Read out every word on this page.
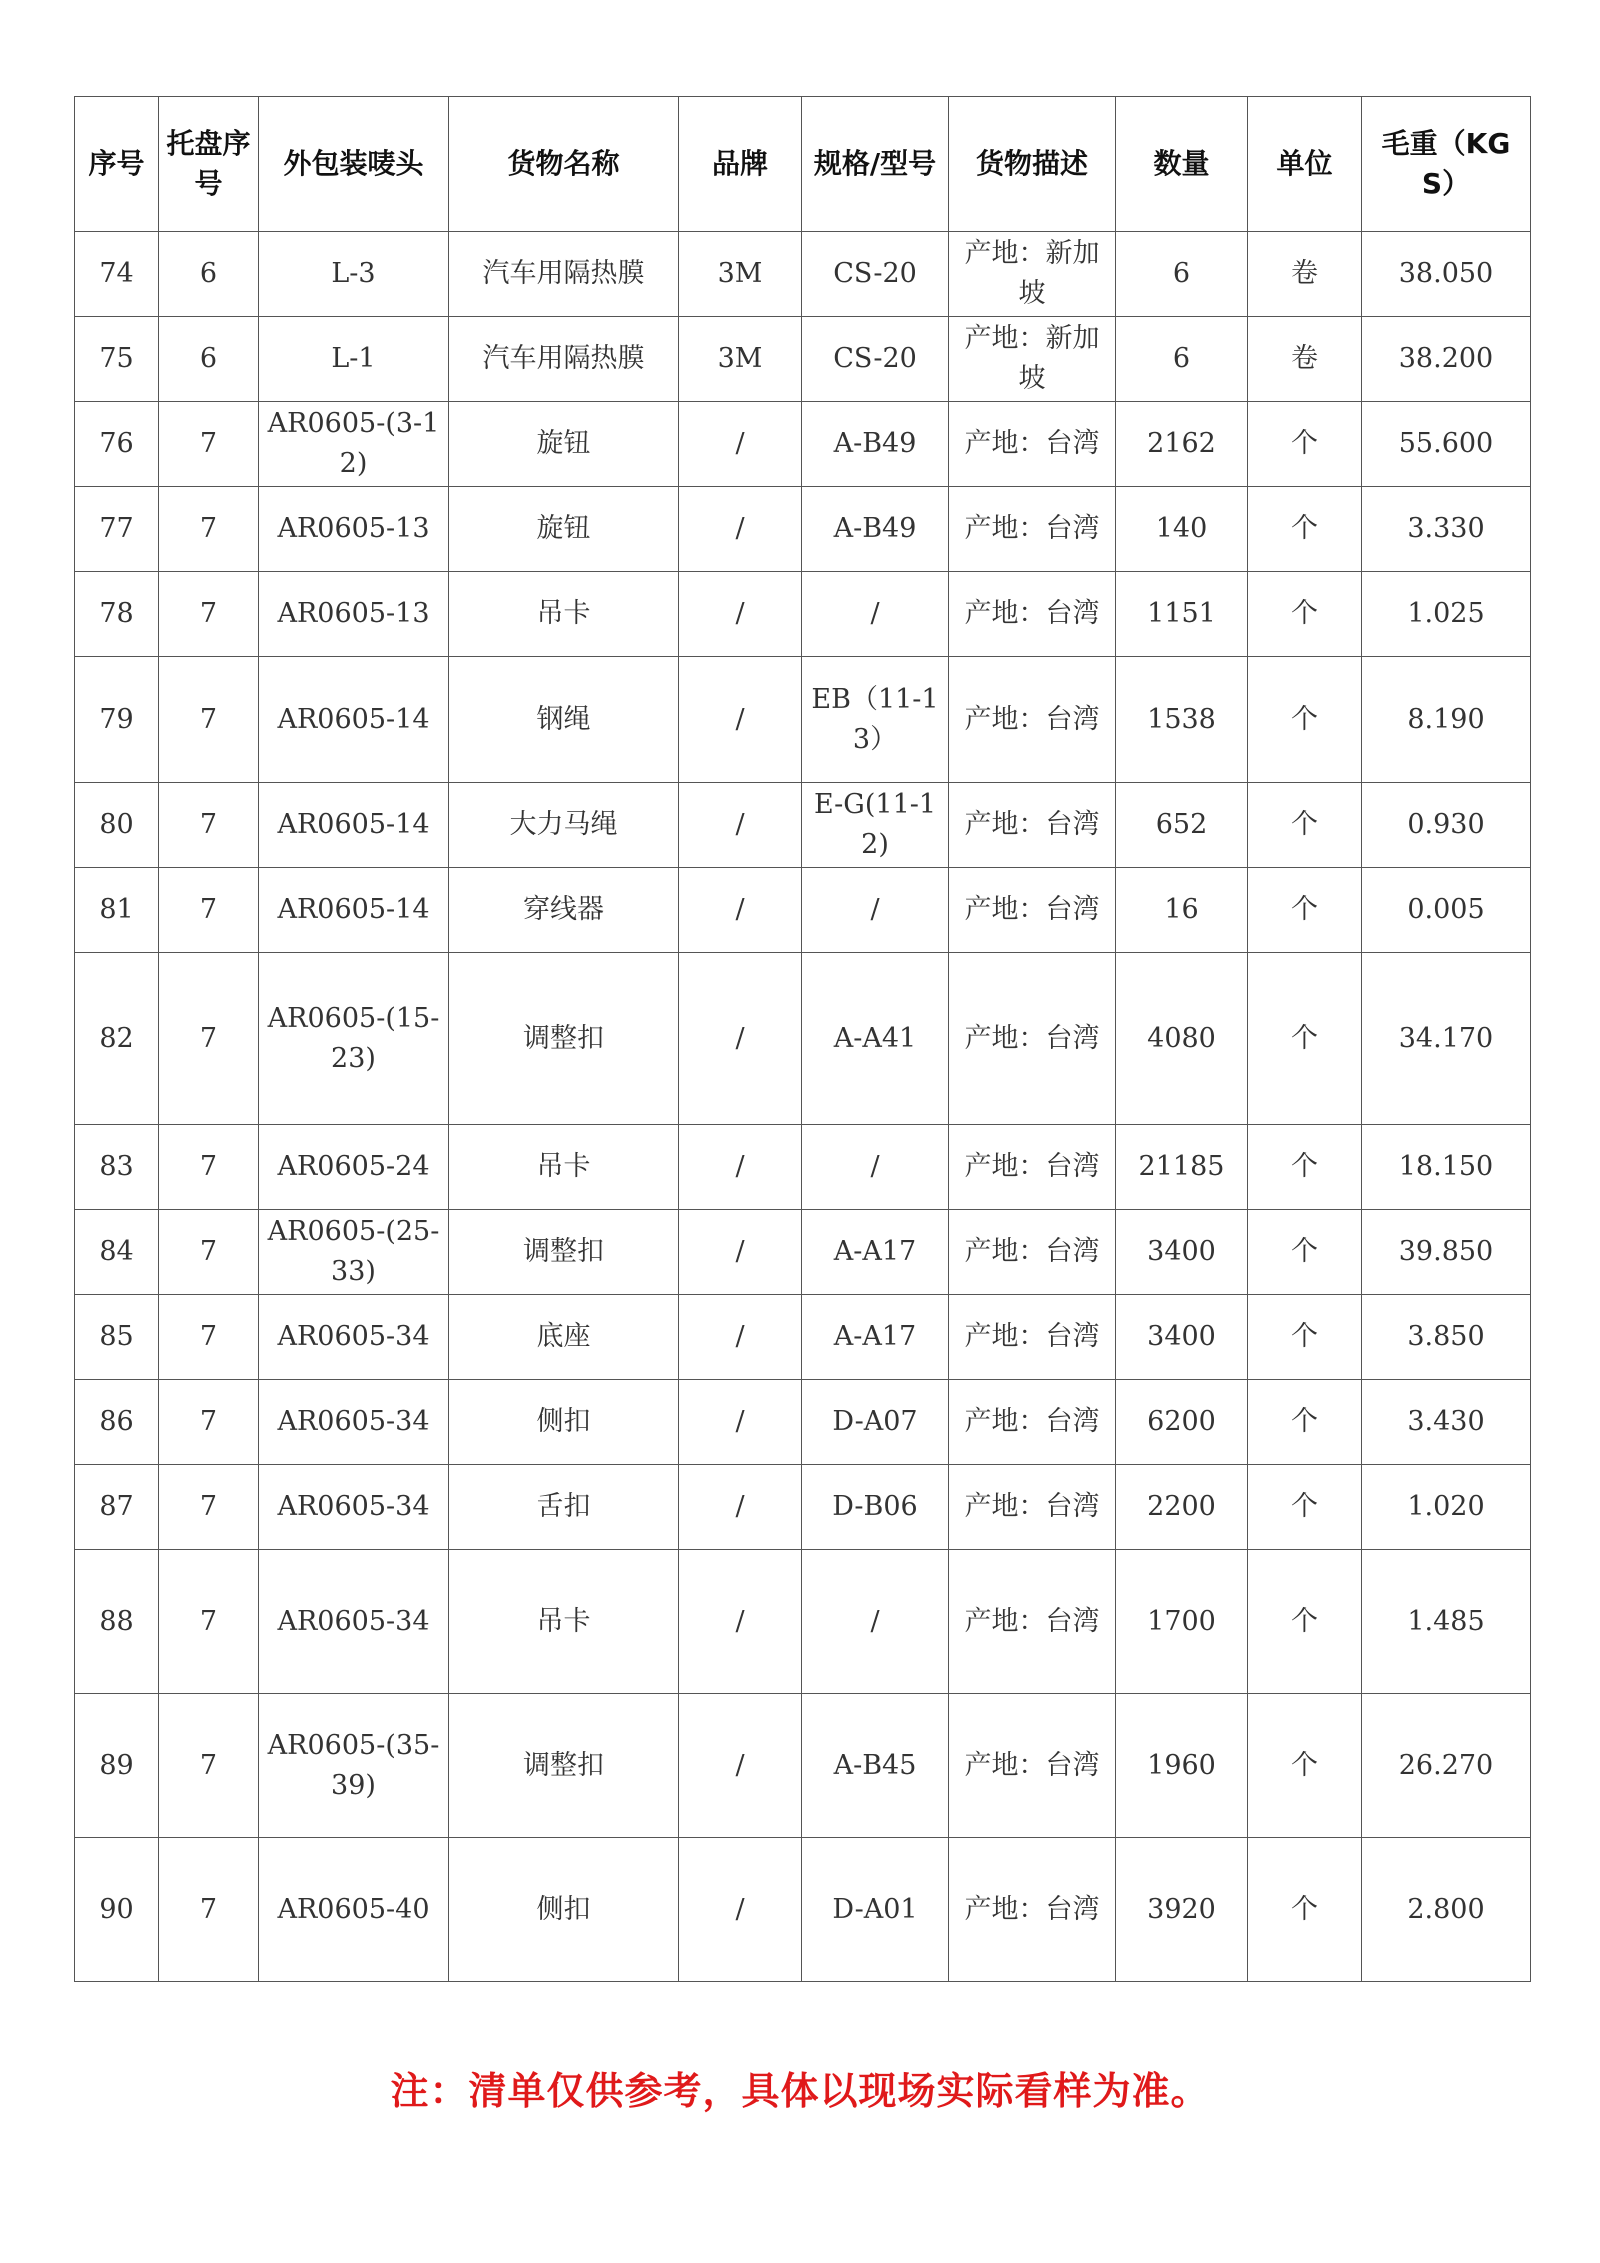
序号	托盘序号	外包装唛头	货物名称	品牌	规格/型号	货物描述	数量	单位	毛重（KGS）
74	6	L-3	汽车用隔热膜	3M	CS-20	产地：新加坡	6	卷	38.050
75	6	L-1	汽车用隔热膜	3M	CS-20	产地：新加坡	6	卷	38.200
76	7	AR0605-(3-12)	旋钮	/	A-B49	产地：台湾	2162	个	55.600
77	7	AR0605-13	旋钮	/	A-B49	产地：台湾	140	个	3.330
78	7	AR0605-13	吊卡	/	/	产地：台湾	1151	个	1.025
79	7	AR0605-14	钢绳	/	EB（11-13）	产地：台湾	1538	个	8.190
80	7	AR0605-14	大力马绳	/	E-G(11-12)	产地：台湾	652	个	0.930
81	7	AR0605-14	穿线器	/	/	产地：台湾	16	个	0.005
82	7	AR0605-(15-23)	调整扣	/	A-A41	产地：台湾	4080	个	34.170
83	7	AR0605-24	吊卡	/	/	产地：台湾	21185	个	18.150
84	7	AR0605-(25-33)	调整扣	/	A-A17	产地：台湾	3400	个	39.850
85	7	AR0605-34	底座	/	A-A17	产地：台湾	3400	个	3.850
86	7	AR0605-34	侧扣	/	D-A07	产地：台湾	6200	个	3.430
87	7	AR0605-34	舌扣	/	D-B06	产地：台湾	2200	个	1.020
88	7	AR0605-34	吊卡	/	/	产地：台湾	1700	个	1.485
89	7	AR0605-(35-39)	调整扣	/	A-B45	产地：台湾	1960	个	26.270
90	7	AR0605-40	侧扣	/	D-A01	产地：台湾	3920	个	2.800
注：清单仅供参考，具体以现场实际看样为准。
